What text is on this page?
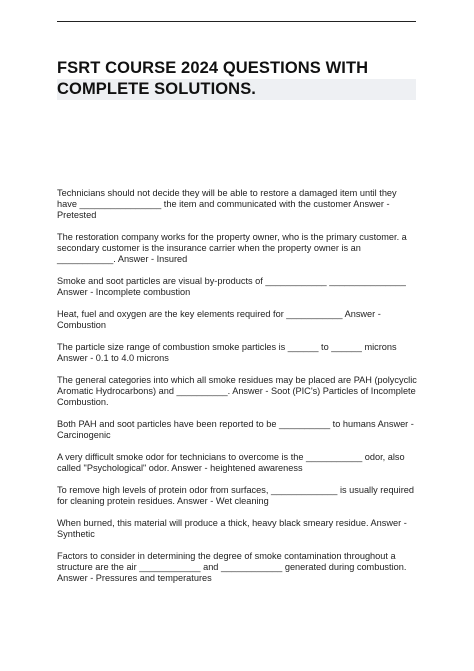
FSRT COURSE 2024 QUESTIONS WITH
COMPLETE SOLUTIONS.

Technicians should not decide they will be able to restore a damaged item until they have ________________ the item and communicated with the customer Answer - Pretested

The restoration company works for the property owner, who is the primary customer. a secondary customer is the insurance carrier when the property owner is an ___________. Answer - Insured

Smoke and soot particles are visual by-products of ____________ _______________ Answer - Incomplete combustion

Heat, fuel and oxygen are the key elements required for ___________ Answer - Combustion

The particle size range of combustion smoke particles is ______ to ______ microns Answer - 0.1 to 4.0 microns

The general categories into which all smoke residues may be placed are PAH (polycyclic Aromatic Hydrocarbons) and __________. Answer - Soot (PIC's) Particles of Incomplete Combustion.

Both PAH and soot particles have been reported to be __________ to humans Answer - Carcinogenic

A very difficult smoke odor for technicians to overcome is the ___________ odor, also called "Psychological" odor. Answer - heightened awareness

To remove high levels of protein odor from surfaces, _____________ is usually required for cleaning protein residues. Answer - Wet cleaning

When burned, this material will produce a thick, heavy black smeary residue. Answer - Synthetic

Factors to consider in determining the degree of smoke contamination throughout a structure are the air ____________ and ____________ generated during combustion. Answer - Pressures and temperatures
